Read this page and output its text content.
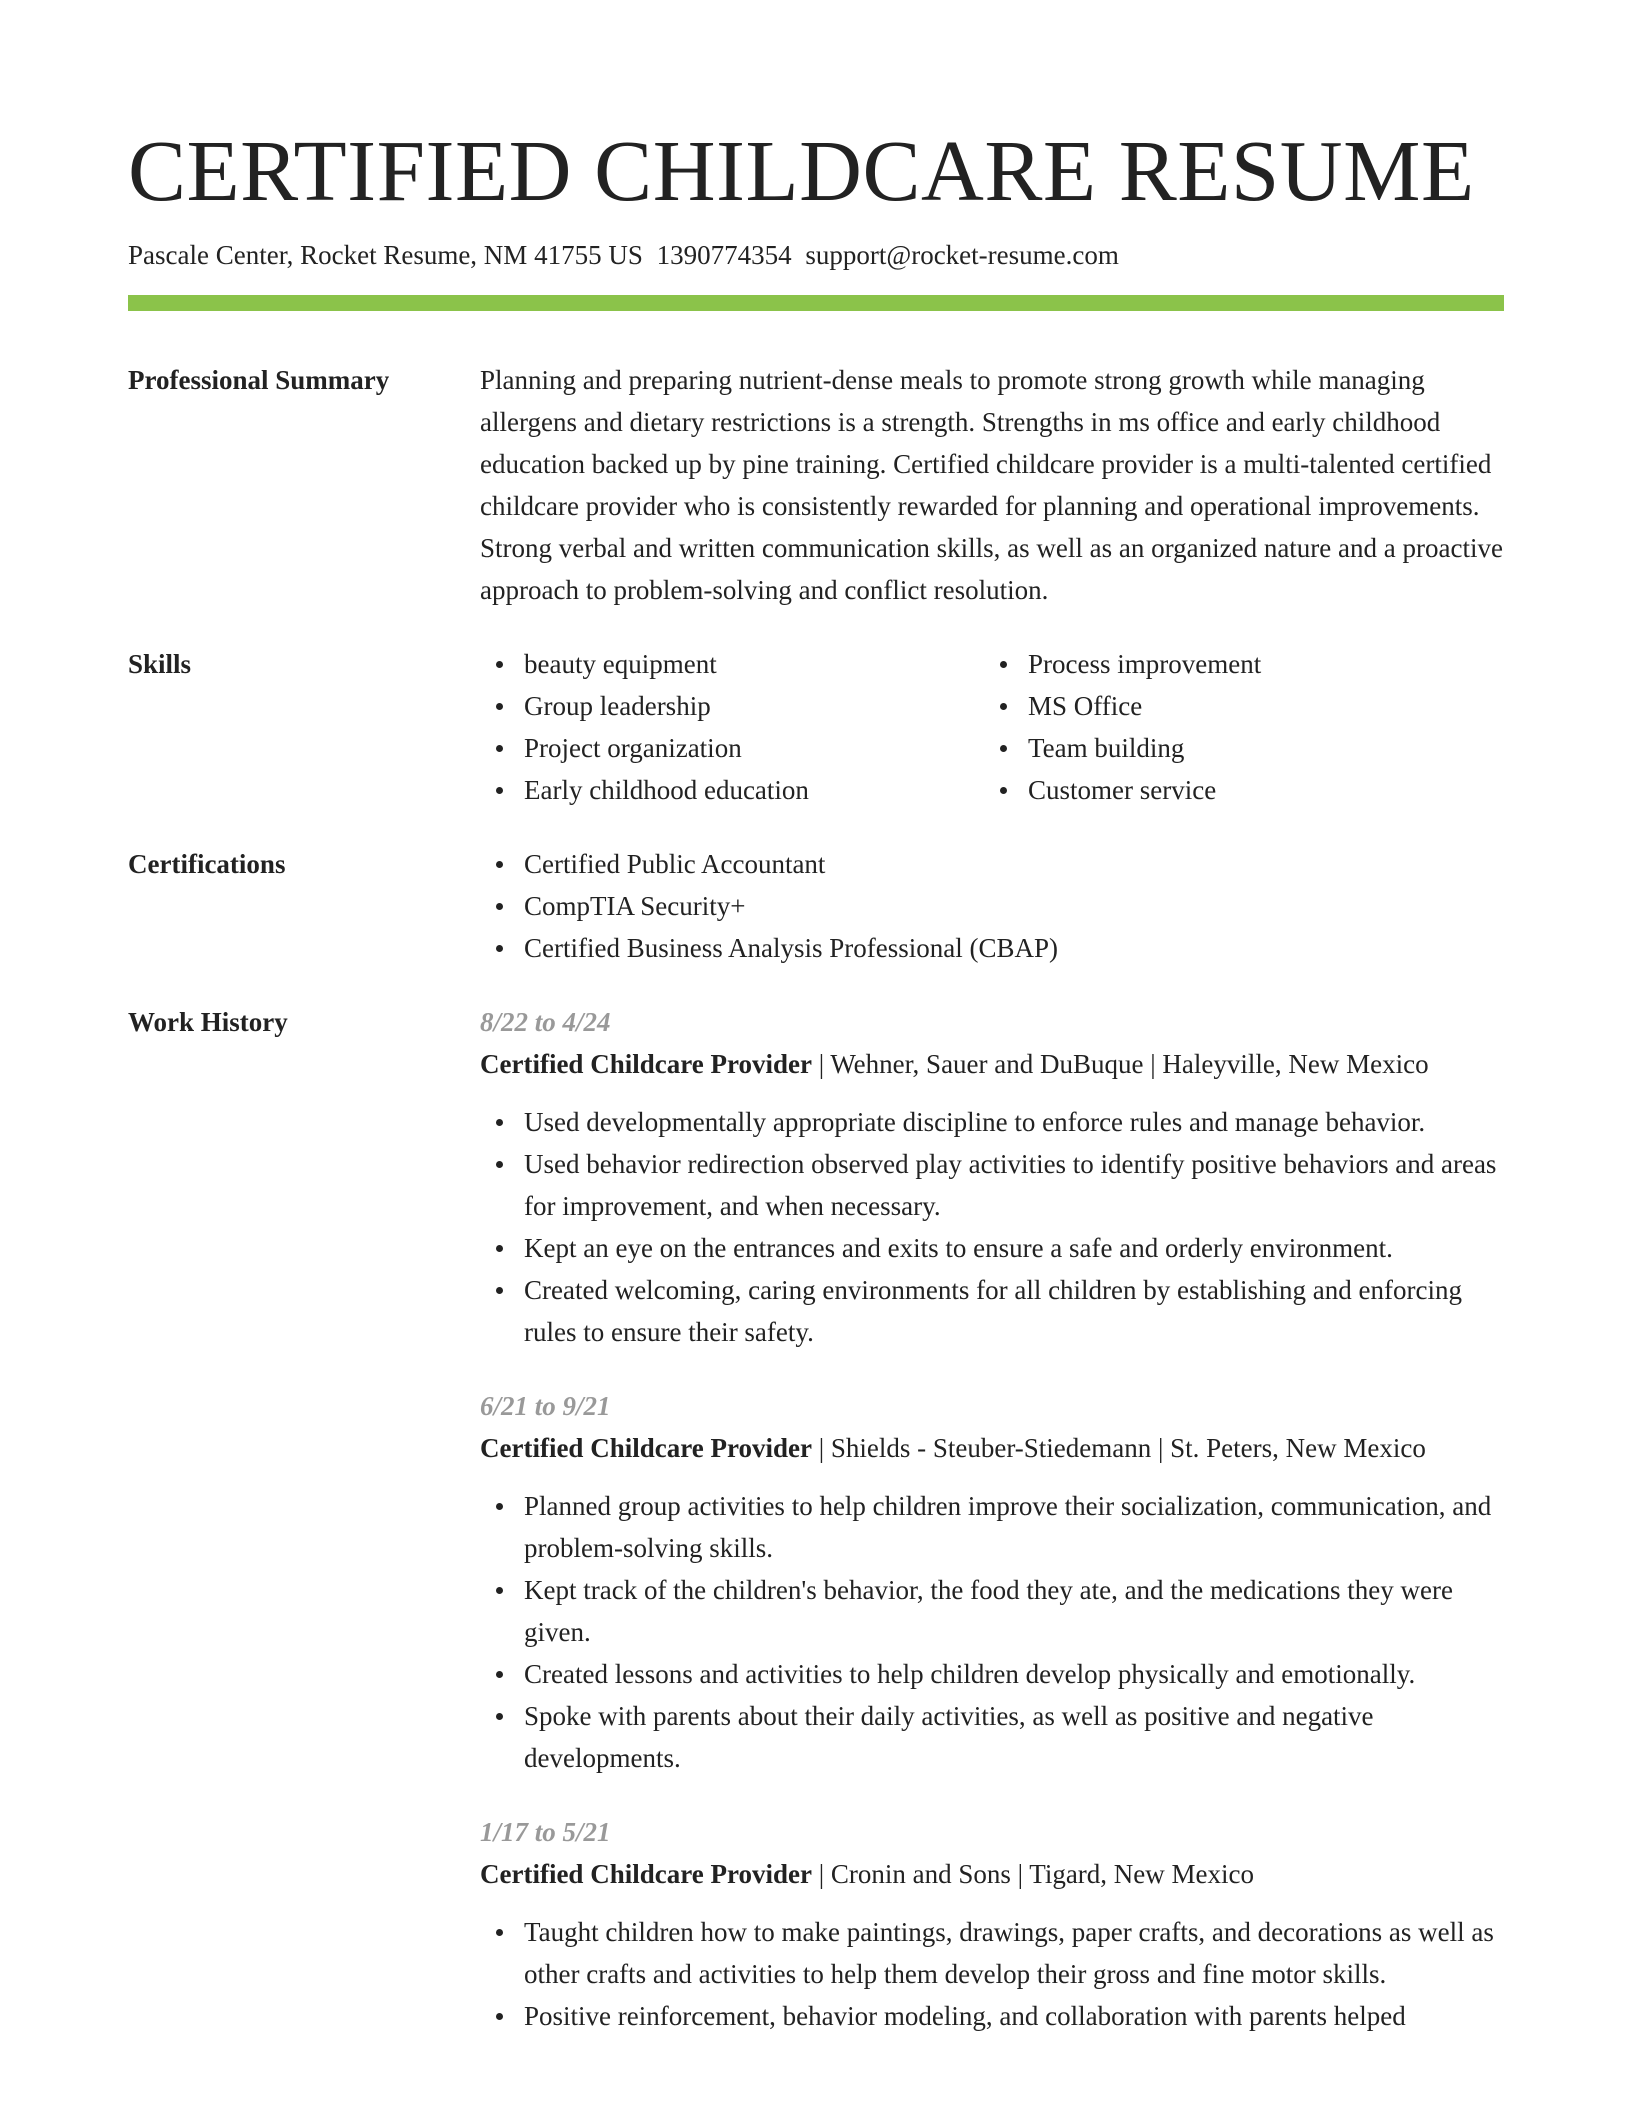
CERTIFIED CHILDCARE RESUME
Pascale Center, Rocket Resume, NM 41755 US 1390774354 support@rocket-resume.com
Professional Summary	Planning and preparing nutrient-dense meals to promote strong growth while managing allergens and dietary restrictions is a strength. Strengths in ms office and early childhood education backed up by pine training. Certified childcare provider is a multi-talented certified childcare provider who is consistently rewarded for planning and operational improvements. Strong verbal and written communication skills, as well as an organized nature and a proactive approach to problem-solving and conflict resolution.

Skills	beauty equipment
Group leadership
Project organization
Early childhood education
Process improvement
MS Office
Team building
Customer service
Certifications	Certified Public Accountant
CompTIA Security+
Certified Business Analysis Professional (CBAP)
Work History	8/22 to 4/24
Certified Childcare Provider | Wehner, Sauer and DuBuque | Haleyville, New Mexico
Used developmentally appropriate discipline to enforce rules and manage behavior.
Used behavior redirection observed play activities to identify positive behaviors and areas for improvement, and when necessary.
Kept an eye on the entrances and exits to ensure a safe and orderly environment.
Created welcoming, caring environments for all children by establishing and enforcing rules to ensure their safety.
6/21 to 9/21
Certified Childcare Provider | Shields - Steuber-Stiedemann | St. Peters, New Mexico
Planned group activities to help children improve their socialization, communication, and problem-solving skills.
Kept track of the children's behavior, the food they ate, and the medications they were given.
Created lessons and activities to help children develop physically and emotionally.
Spoke with parents about their daily activities, as well as positive and negative developments.
1/17 to 5/21
Certified Childcare Provider | Cronin and Sons | Tigard, New Mexico
Taught children how to make paintings, drawings, paper crafts, and decorations as well as other crafts and activities to help them develop their gross and fine motor skills.
Positive reinforcement, behavior modeling, and collaboration with parents helped
